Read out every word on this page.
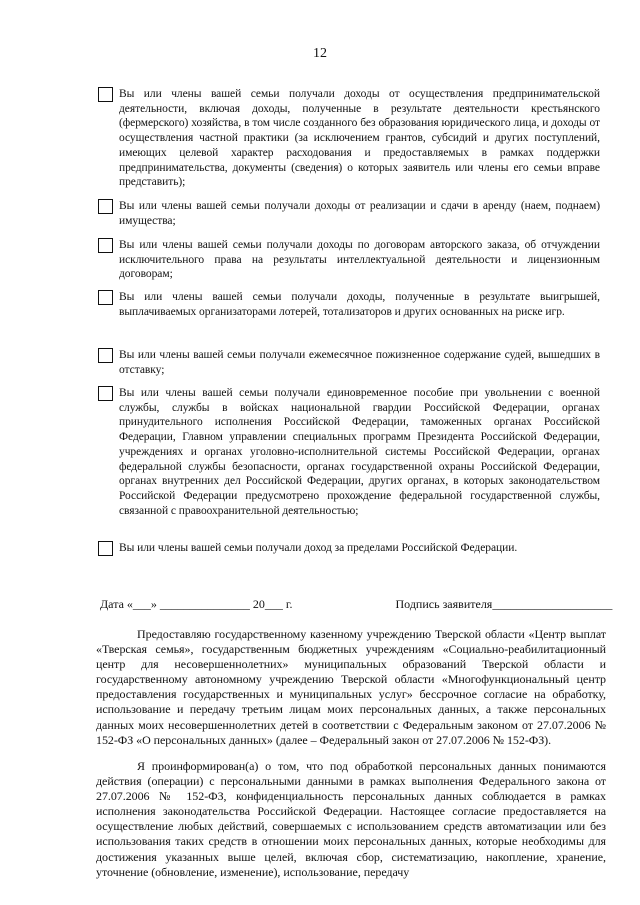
12
Вы или члены вашей семьи получали доходы от осуществления предпринимательской деятельности, включая доходы, полученные в результате деятельности крестьянского (фермерского) хозяйства, в том числе созданного без образования юридического лица, и доходы от осуществления частной практики (за исключением грантов, субсидий и других поступлений, имеющих целевой характер расходования и предоставляемых в рамках поддержки предпринимательства, документы (сведения) о которых заявитель или члены его семьи вправе представить);
Вы или члены вашей семьи получали доходы от реализации и сдачи в аренду (наем, поднаем) имущества;
Вы или члены вашей семьи получали доходы по договорам авторского заказа, об отчуждении исключительного права на результаты интеллектуальной деятельности и лицензионным договорам;
Вы или члены вашей семьи получали доходы, полученные в результате выигрышей, выплачиваемых организаторами лотерей, тотализаторов и других основанных на риске игр.
Вы или члены вашей семьи получали ежемесячное пожизненное содержание судей, вышедших в отставку;
Вы или члены вашей семьи получали единовременное пособие при увольнении с военной службы, службы в войсках национальной гвардии Российской Федерации, органах принудительного исполнения Российской Федерации, таможенных органах Российской Федерации, Главном управлении специальных программ Президента Российской Федерации, учреждениях и органах уголовно-исполнительной системы Российской Федерации, органах федеральной службы безопасности, органах государственной охраны Российской Федерации, органах внутренних дел Российской Федерации, других органах, в которых законодательством Российской Федерации предусмотрено прохождение федеральной государственной службы, связанной с правоохранительной деятельностью;
Вы или члены вашей семьи получали доход за пределами Российской Федерации.
Дата «___» _______________ 20___ г.	Подпись заявителя____________________
Предоставляю государственному казенному учреждению Тверской области «Центр выплат «Тверская семья», государственным бюджетных учреждениям «Социально-реабилитационный центр для несовершеннолетних» муниципальных образований Тверской области и государственному автономному учреждению Тверской области «Многофункциональный центр предоставления государственных и муниципальных услуг» бессрочное согласие на обработку, использование и передачу третьим лицам моих персональных данных, а также персональных данных моих несовершеннолетних детей в соответствии с Федеральным законом от 27.07.2006 № 152-ФЗ «О персональных данных» (далее – Федеральный закон от 27.07.2006 № 152-ФЗ).
Я проинформирован(а) о том, что под обработкой персональных данных понимаются действия (операции) с персональными данными в рамках выполнения Федерального закона от 27.07.2006 № 152-ФЗ, конфиденциальность персональных данных соблюдается в рамках исполнения законодательства Российской Федерации. Настоящее согласие предоставляется на осуществление любых действий, совершаемых с использованием средств автоматизации или без использования таких средств в отношении моих персональных данных, которые необходимы для достижения указанных выше целей, включая сбор, систематизацию, накопление, хранение, уточнение (обновление, изменение), использование, передачу
